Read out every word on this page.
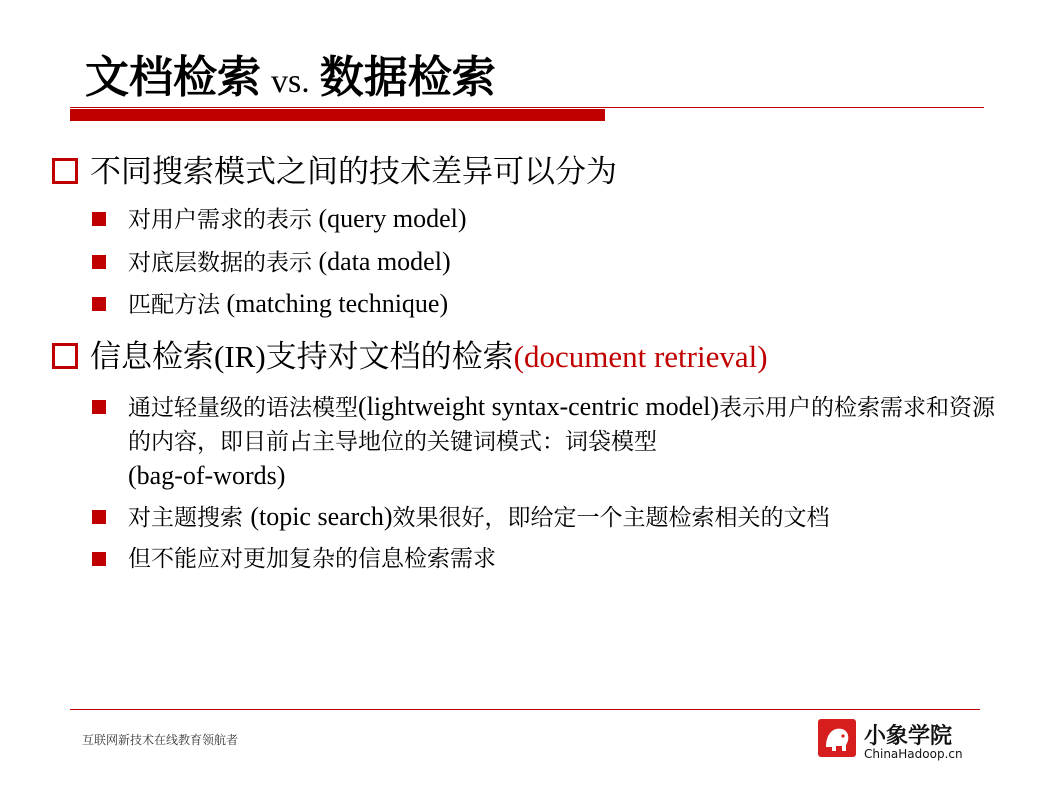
文档检索 vs. 数据检索
不同搜索模式之间的技术差异可以分为
对用户需求的表示 (query model)
对底层数据的表示 (data model)
匹配方法 (matching technique)
信息检索(IR)支持对文档的检索(document retrieval)
通过轻量级的语法模型(lightweight syntax-centric model)表示用户的检索需求和资源的内容，即目前占主导地位的关键词模式：词袋模型
(bag-of-words)
对主题搜索 (topic search)效果很好，即给定一个主题检索相关的文档
但不能应对更加复杂的信息检索需求
互联网新技术在线教育领航者	小象学院
ChinaHadoop.cn
